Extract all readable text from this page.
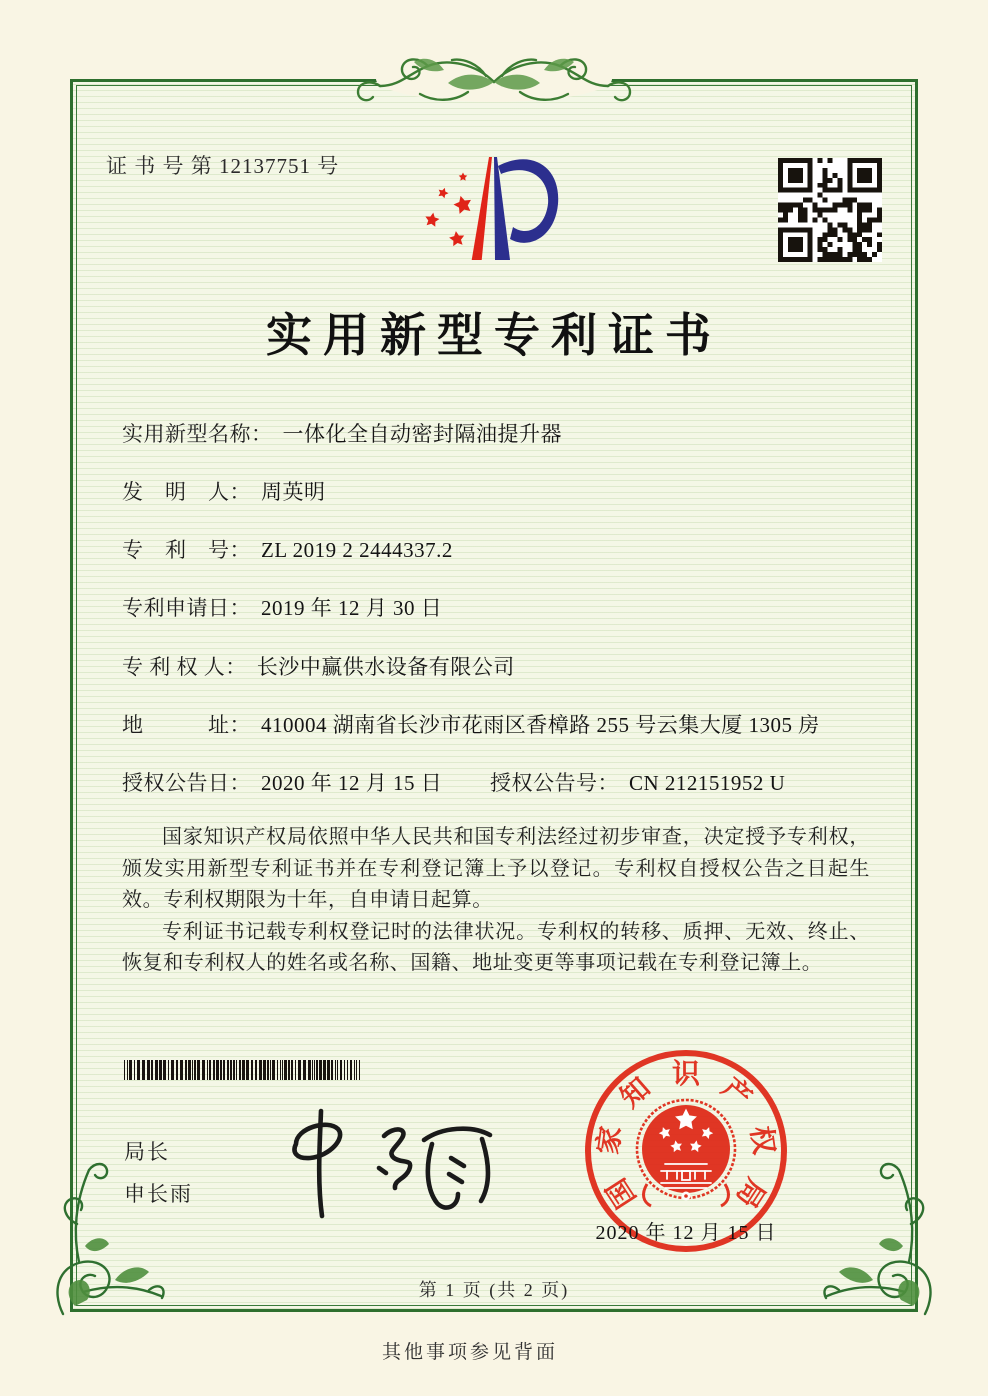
证 书 号 第 12137751 号
实用新型专利证书
实用新型名称： 一体化全自动密封隔油提升器
发　明　人： 周英明
专　利　号： ZL 2019 2 2444337.2
专利申请日： 2019 年 12 月 30 日
专 利 权 人： 长沙中赢供水设备有限公司
地　　　址： 410004 湖南省长沙市花雨区香樟路 255 号云集大厦 1305 房
授权公告日： 2020 年 12 月 15 日 授权公告号： CN 212151952 U

国家知识产权局依照中华人民共和国专利法经过初步审查，决定授予专利权，颁发实用新型专利证书并在专利登记簿上予以登记。专利权自授权公告之日起生效。专利权期限为十年，自申请日起算。

专利证书记载专利权登记时的法律状况。专利权的转移、质押、无效、终止、恢复和专利权人的姓名或名称、国籍、地址变更等事项记载在专利登记簿上。

局长
申长雨	国
家
知 识 产
权
局
2020 年 12 月 15 日
第 1 页 (共 2 页)
其他事项参见背面
